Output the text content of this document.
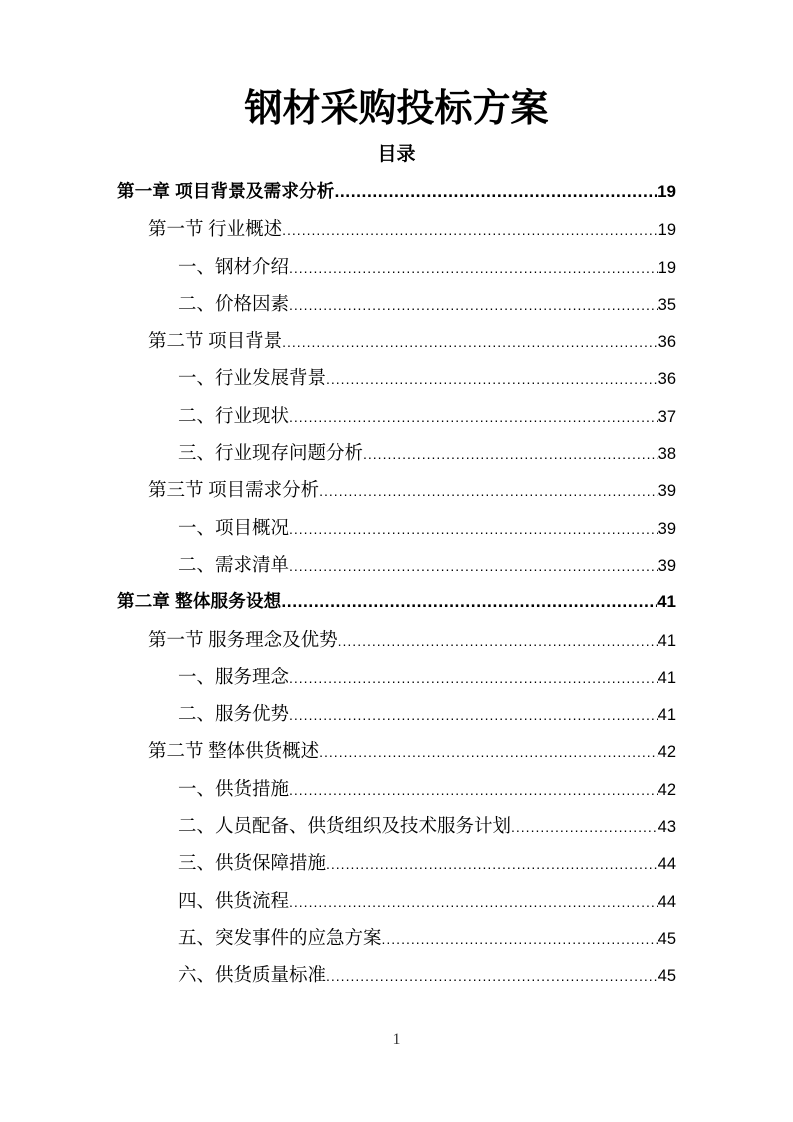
钢材采购投标方案
目录
第一章 项目背景及需求分析 .....	19
第一节 行业概述 .....	19
一、钢材介绍 .....	19
二、价格因素 .....	35
第二节 项目背景 .....	36
一、行业发展背景 .....	36
二、行业现状 .....	37
三、行业现存问题分析 .....	38
第三节 项目需求分析 .....	39
一、项目概况 .....	39
二、需求清单 .....	39
第二章 整体服务设想 .....	41
第一节 服务理念及优势 .....	41
一、服务理念 .....	41
二、服务优势 .....	41
第二节 整体供货概述 .....	42
一、供货措施 .....	42
二、人员配备、供货组织及技术服务计划 .....	43
三、供货保障措施 .....	44
四、供货流程 .....	44
五、突发事件的应急方案 .....	45
六、供货质量标准 .....	45
1
